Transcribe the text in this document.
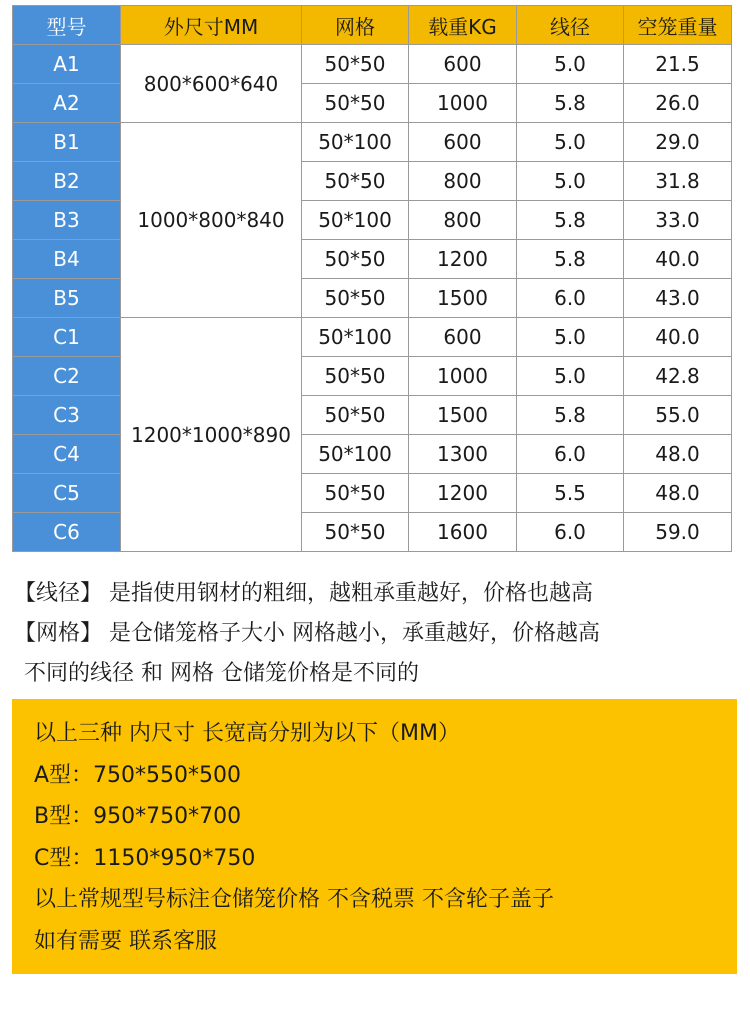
型号	外尺寸MM	网格	载重KG	线径	空笼重量
A1	800*600*640	50*50	600	5.0	21.5
A2		50*50	1000	5.8	26.0
B1	1000*800*840	50*100	600	5.0	29.0
B2		50*50	800	5.0	31.8
B3		50*100	800	5.8	33.0
B4		50*50	1200	5.8	40.0
B5		50*50	1500	6.0	43.0
C1	1200*1000*890	50*100	600	5.0	40.0
C2		50*50	1000	5.0	42.8
C3		50*50	1500	5.8	55.0
C4		50*100	1300	6.0	48.0
C5		50*50	1200	5.5	48.0
C6		50*50	1600	6.0	59.0
【线径】 是指使用钢材的粗细，越粗承重越好，价格也越高
【网格】 是仓储笼格子大小 网格越小，承重越好，价格越高
不同的线径 和 网格 仓储笼价格是不同的
以上三种 内尺寸 长宽高分别为以下（MM）
A型：750*550*500
B型：950*750*700
C型：1150*950*750
以上常规型号标注仓储笼价格 不含税票 不含轮子盖子
如有需要 联系客服
